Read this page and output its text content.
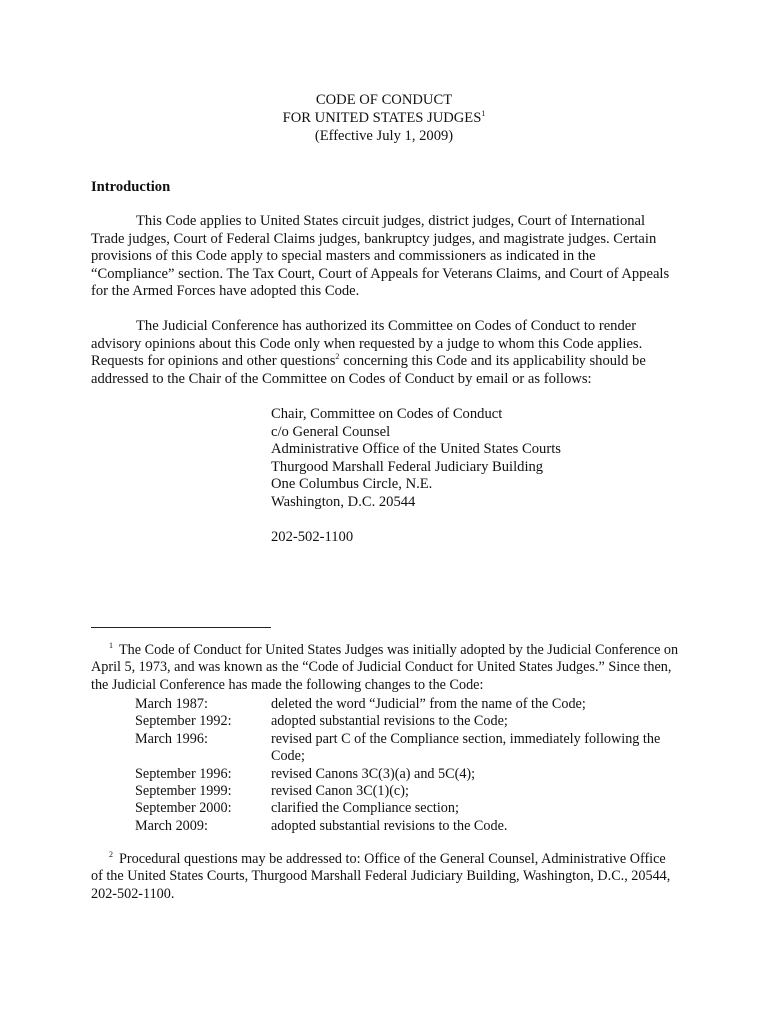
CODE OF CONDUCT
FOR UNITED STATES JUDGES$^1$
(Effective July 1, 2009)
Introduction
This Code applies to United States circuit judges, district judges, Court of International Trade judges, Court of Federal Claims judges, bankruptcy judges, and magistrate judges. Certain provisions of this Code apply to special masters and commissioners as indicated in the “Compliance” section. The Tax Court, Court of Appeals for Veterans Claims, and Court of Appeals for the Armed Forces have adopted this Code.
The Judicial Conference has authorized its Committee on Codes of Conduct to render advisory opinions about this Code only when requested by a judge to whom this Code applies. Requests for opinions and other questions$^2$ concerning this Code and its applicability should be addressed to the Chair of the Committee on Codes of Conduct by email or as follows:
Chair, Committee on Codes of Conduct
c/o General Counsel
Administrative Office of the United States Courts
Thurgood Marshall Federal Judiciary Building
One Columbus Circle, N.E.
Washington, D.C. 20544
202-502-1100
$^1$ The Code of Conduct for United States Judges was initially adopted by the Judicial Conference on April 5, 1973, and was known as the “Code of Judicial Conduct for United States Judges.” Since then, the Judicial Conference has made the following changes to the Code:
March 1987:	deleted the word “Judicial” from the name of the Code;
September 1992:	adopted substantial revisions to the Code;
March 1996:	revised part C of the Compliance section, immediately following the Code;
September 1996:	revised Canons 3C(3)(a) and 5C(4);
September 1999:	revised Canon 3C(1)(c);
September 2000:	clarified the Compliance section;
March 2009:	adopted substantial revisions to the Code.
$^2$ Procedural questions may be addressed to: Office of the General Counsel, Administrative Office of the United States Courts, Thurgood Marshall Federal Judiciary Building, Washington, D.C., 20544, 202-502-1100.
